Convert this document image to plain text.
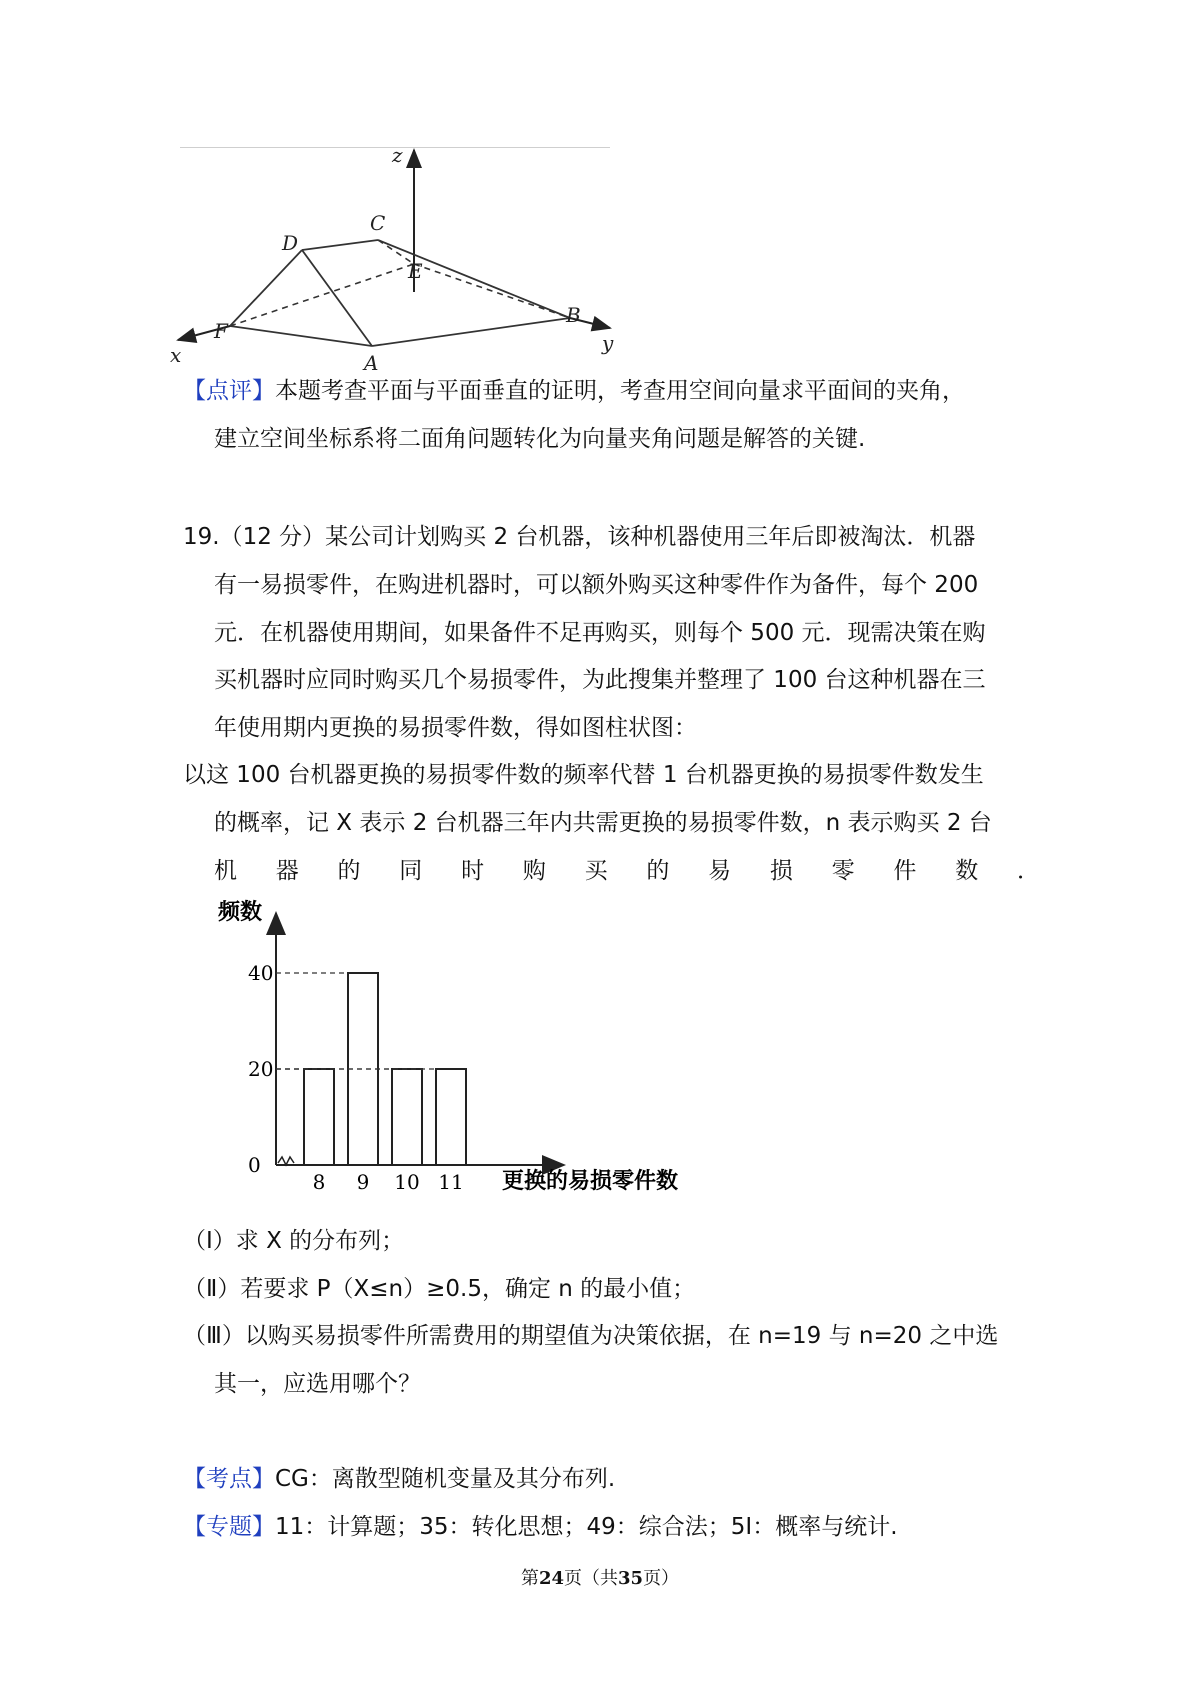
z
x	y
D
C
E
F
A
B
【点评】本题考查平面与平面垂直的证明，考查用空间向量求平面间的夹角，
建立空间坐标系将二面角问题转化为向量夹角问题是解答的关键.
19.（12 分）某公司计划购买 2 台机器，该种机器使用三年后即被淘汰．机器
有一易损零件，在购进机器时，可以额外购买这种零件作为备件，每个 200
元．在机器使用期间，如果备件不足再购买，则每个 500 元．现需决策在购
买机器时应同时购买几个易损零件，为此搜集并整理了 100 台这种机器在三
年使用期内更换的易损零件数，得如图柱状图：
以这 100 台机器更换的易损零件数的频率代替 1 台机器更换的易损零件数发生
的概率，记 X 表示 2 台机器三年内共需更换的易损零件数，n 表示购买 2 台
机 器 的 同 时 购 买 的 易 损 零 件 数 ．
频数
0
20
40
8 9 10 11 更换的易损零件数
（Ⅰ）求 X 的分布列；
（Ⅱ）若要求 P（X≤n）≥0.5，确定 n 的最小值；
（Ⅲ）以购买易损零件所需费用的期望值为决策依据，在 n=19 与 n=20 之中选
其一，应选用哪个？
【考点】CG：离散型随机变量及其分布列.
【专题】11：计算题；35：转化思想；49：综合法；5I：概率与统计.
第24页（共35页）
